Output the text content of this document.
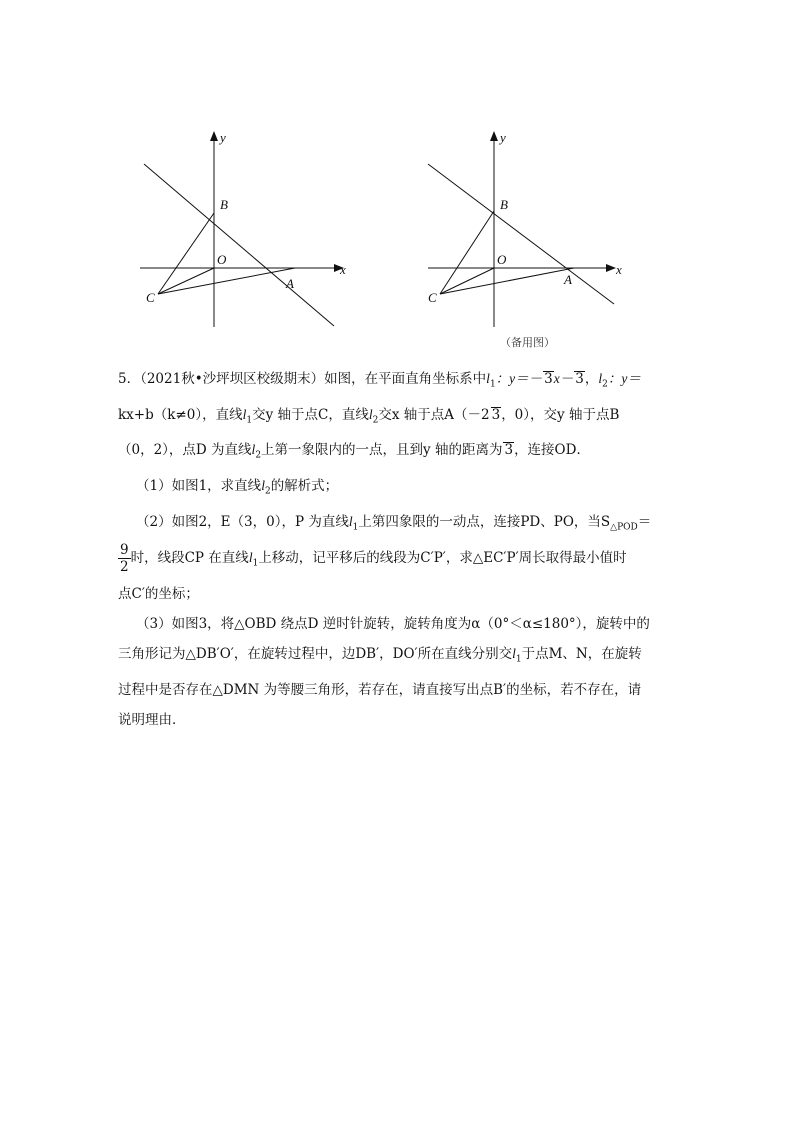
y
x
B
O
C
A
y
x
B
O
C
A
（备用图）
5．（2021秋•沙坪坝区校级期末）如图，在平面直角坐标系中$l_1$：y＝－ 3x－ 3，$l_2$：y＝
kx+b（k≠0），直线$l_1$交y 轴于点C，直线$l_2$交x 轴于点A（－2 3，0），交y 轴于点B
（0，2），点D 为直线$l_2$上第一象限内的一点，且到y 轴的距离为 3，连接OD．
（1）如图1，求直线$l_2$的解析式；
（2）如图2，E（3，0），P 为直线$l_1$上第四象限的一动点，连接PD、PO，当$S_{\triangle POD}=$
$\frac{9}{2}$ 时，线段CP 在直线$l_1$上移动，记平移后的线段为C′P′，求△EC′P′周长取得最小值时
点C′的坐标；
（3）如图3，将△OBD 绕点D 逆时针旋转，旋转角度为α（0°＜α≤180°），旋转中的
三角形记为△DB′O′，在旋转过程中，边DB′，DO′所在直线分别交$l_1$于点M、N，在旋转
过程中是否存在△DMN 为等腰三角形，若存在，请直接写出点B′的坐标，若不存在，请
说明理由．
